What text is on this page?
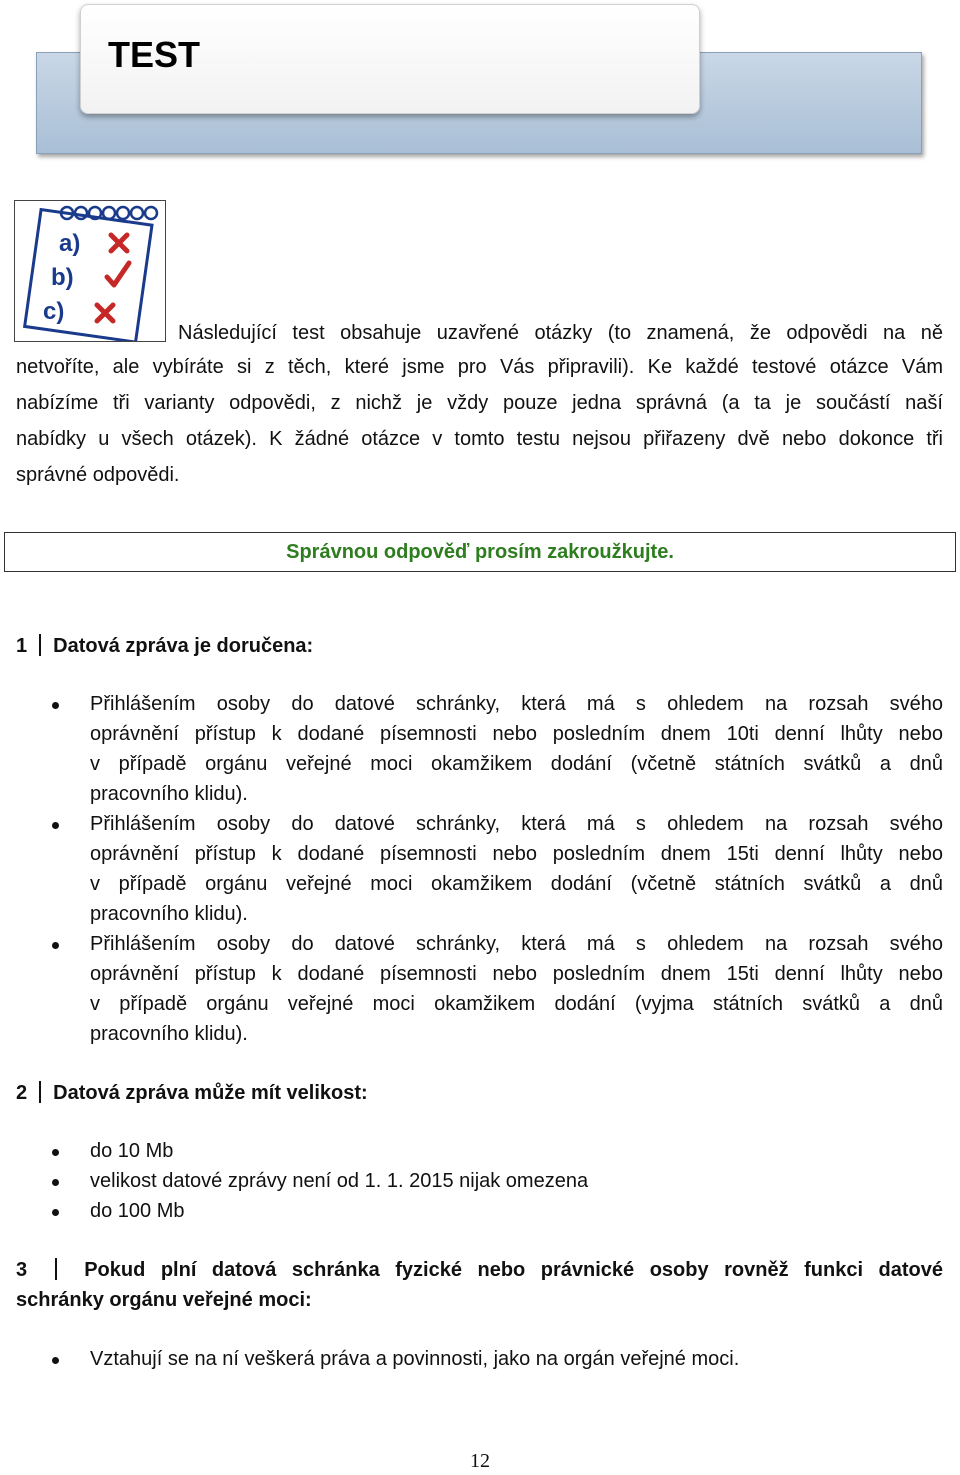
TEST
a)
b)
c)
Následující test obsahuje uzavřené otázky (to znamená, že odpovědi na ně
netvoříte, ale vybíráte si z těch, které jsme pro Vás připravili). Ke každé testové otázce Vám
nabízíme tři varianty odpovědi, z nichž je vždy pouze jedna správná (a ta je součástí naší
nabídky u všech otázek). K žádné otázce v tomto testu nejsou přiřazeny dvě nebo dokonce tři
správné odpovědi.
Správnou odpověď prosím zakroužkujte.
1 Datová zpráva je doručena:
Přihlášením osoby do datové schránky, která má s ohledem na rozsah svého
oprávnění přístup k dodané písemnosti nebo posledním dnem 10ti denní lhůty nebo
v případě orgánu veřejné moci okamžikem dodání (včetně státních svátků a dnů
pracovního klidu).
Přihlášením osoby do datové schránky, která má s ohledem na rozsah svého
oprávnění přístup k dodané písemnosti nebo posledním dnem 15ti denní lhůty nebo
v případě orgánu veřejné moci okamžikem dodání (včetně státních svátků a dnů
pracovního klidu).
Přihlášením osoby do datové schránky, která má s ohledem na rozsah svého
oprávnění přístup k dodané písemnosti nebo posledním dnem 15ti denní lhůty nebo
v případě orgánu veřejné moci okamžikem dodání (vyjma státních svátků a dnů
pracovního klidu).
2 Datová zpráva může mít velikost:
do 10 Mb
velikost datové zprávy není od 1. 1. 2015 nijak omezena
do 100 Mb
3	Pokud plní datová schránka fyzické nebo právnické osoby rovněž funkci datové
schránky orgánu veřejné moci:
Vztahují se na ní veškerá práva a povinnosti, jako na orgán veřejné moci.
12
